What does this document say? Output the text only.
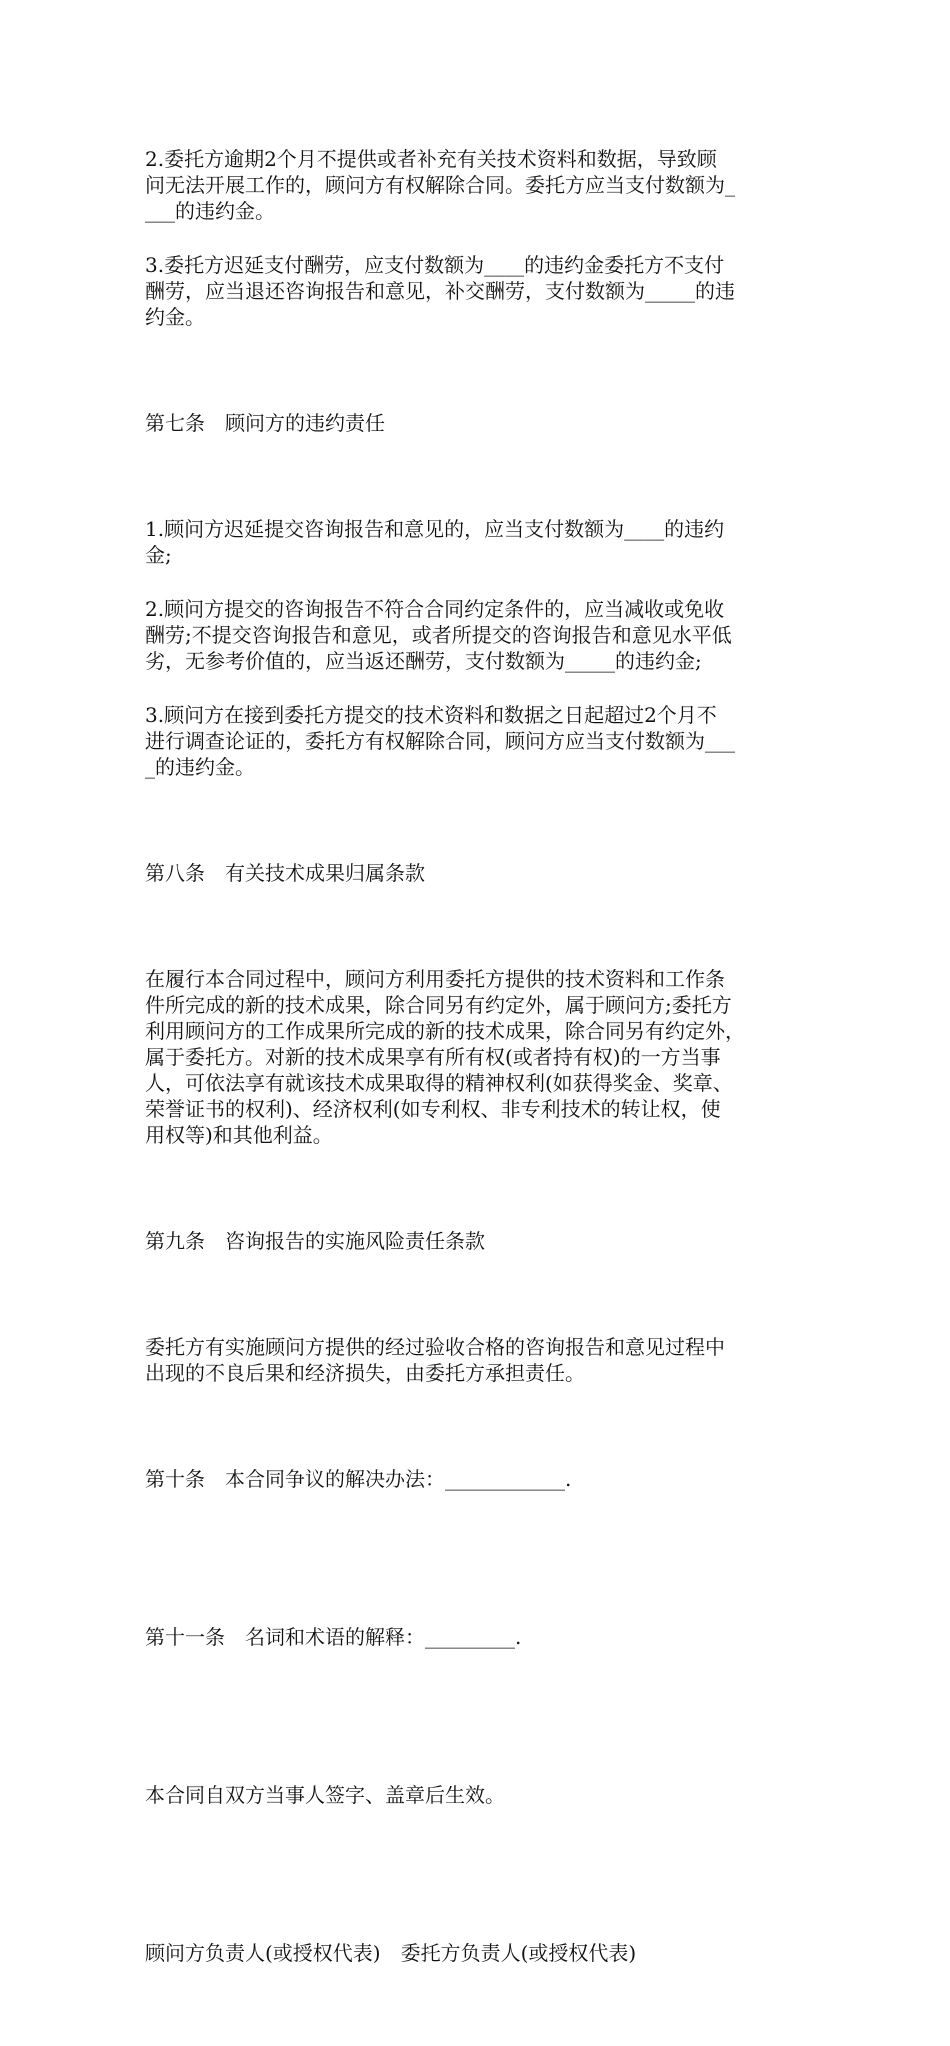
2.委托方逾期2个月不提供或者补充有关技术资料和数据，导致顾
问无法开展工作的，顾问方有权解除合同。委托方应当支付数额为_
___的违约金。
3.委托方迟延支付酬劳，应支付数额为____的违约金委托方不支付
酬劳，应当退还咨询报告和意见，补交酬劳，支付数额为_____的违
约金。

第七条　顾问方的违约责任

1.顾问方迟延提交咨询报告和意见的，应当支付数额为____的违约
金;
2.顾问方提交的咨询报告不符合合同约定条件的，应当减收或免收
酬劳;不提交咨询报告和意见，或者所提交的咨询报告和意见水平低
劣，无参考价值的，应当返还酬劳，支付数额为_____的违约金;
3.顾问方在接到委托方提交的技术资料和数据之日起超过2个月不
进行调查论证的，委托方有权解除合同，顾问方应当支付数额为___
_的违约金。

第八条　有关技术成果归属条款

在履行本合同过程中，顾问方利用委托方提供的技术资料和工作条
件所完成的新的技术成果，除合同另有约定外，属于顾问方;委托方
利用顾问方的工作成果所完成的新的技术成果，除合同另有约定外，
属于委托方。对新的技术成果享有所有权(或者持有权)的一方当事
人，可依法享有就该技术成果取得的精神权利(如获得奖金、奖章、
荣誉证书的权利)、经济权利(如专利权、非专利技术的转让权，使
用权等)和其他利益。

第九条　咨询报告的实施风险责任条款

委托方有实施顾问方提供的经过验收合格的咨询报告和意见过程中
出现的不良后果和经济损失，由委托方承担责任。

第十条　本合同争议的解决办法：____________.

第十一条　名词和术语的解释：_________.

本合同自双方当事人签字、盖章后生效。

顾问方负责人(或授权代表)　委托方负责人(或授权代表)
